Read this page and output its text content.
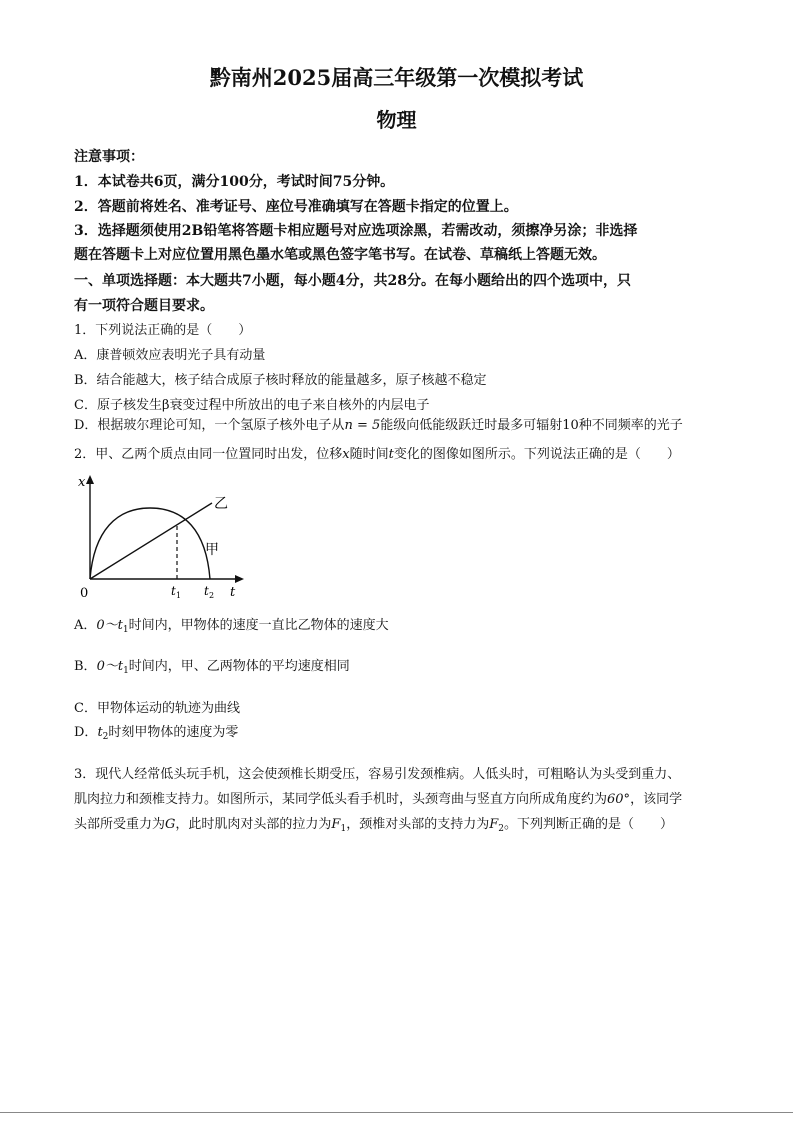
黔南州2025届高三年级第一次模拟考试
物理
注意事项：
1．本试卷共6页，满分100分，考试时间75分钟。
2．答题前将姓名、准考证号、座位号准确填写在答题卡指定的位置上。
3．选择题须使用2B铅笔将答题卡相应题号对应选项涂黑，若需改动，须擦净另涂；非选择
题在答题卡上对应位置用黑色墨水笔或黑色签字笔书写。在试卷、草稿纸上答题无效。
一、单项选择题：本大题共7小题，每小题4分，共28分。在每小题给出的四个选项中，只
有一项符合题目要求。
1．下列说法正确的是（　　）
A．康普顿效应表明光子具有动量
B．结合能越大，核子结合成原子核时释放的能量越多，原子核越不稳定
C．原子核发生β衰变过程中所放出的电子来自核外的内层电子
D．根据玻尔理论可知，一个氢原子核外电子从n = 5能级向低能级跃迁时最多可辐射10种不同频率的光子
2．甲、乙两个质点由同一位置同时出发，位移x随时间t变化的图像如图所示。下列说法正确的是（　　）
x
t
0
乙
甲
t 1 t 2
A．$0\sim t_1$时间内，甲物体的速度一直比乙物体的速度大
B．$0\sim t_1$时间内，甲、乙两物体的平均速度相同
C．甲物体运动的轨迹为曲线
D．$t_2$时刻甲物体的速度为零
3．现代人经常低头玩手机，这会使颈椎长期受压，容易引发颈椎病。人低头时，可粗略认为头受到重力、
肌肉拉力和颈椎支持力。如图所示，某同学低头看手机时，头颈弯曲与竖直方向所成角度约为60°，该同学
头部所受重力为G，此时肌肉对头部的拉力为$F_1$，颈椎对头部的支持力为$F_2$。下列判断正确的是（　　）
